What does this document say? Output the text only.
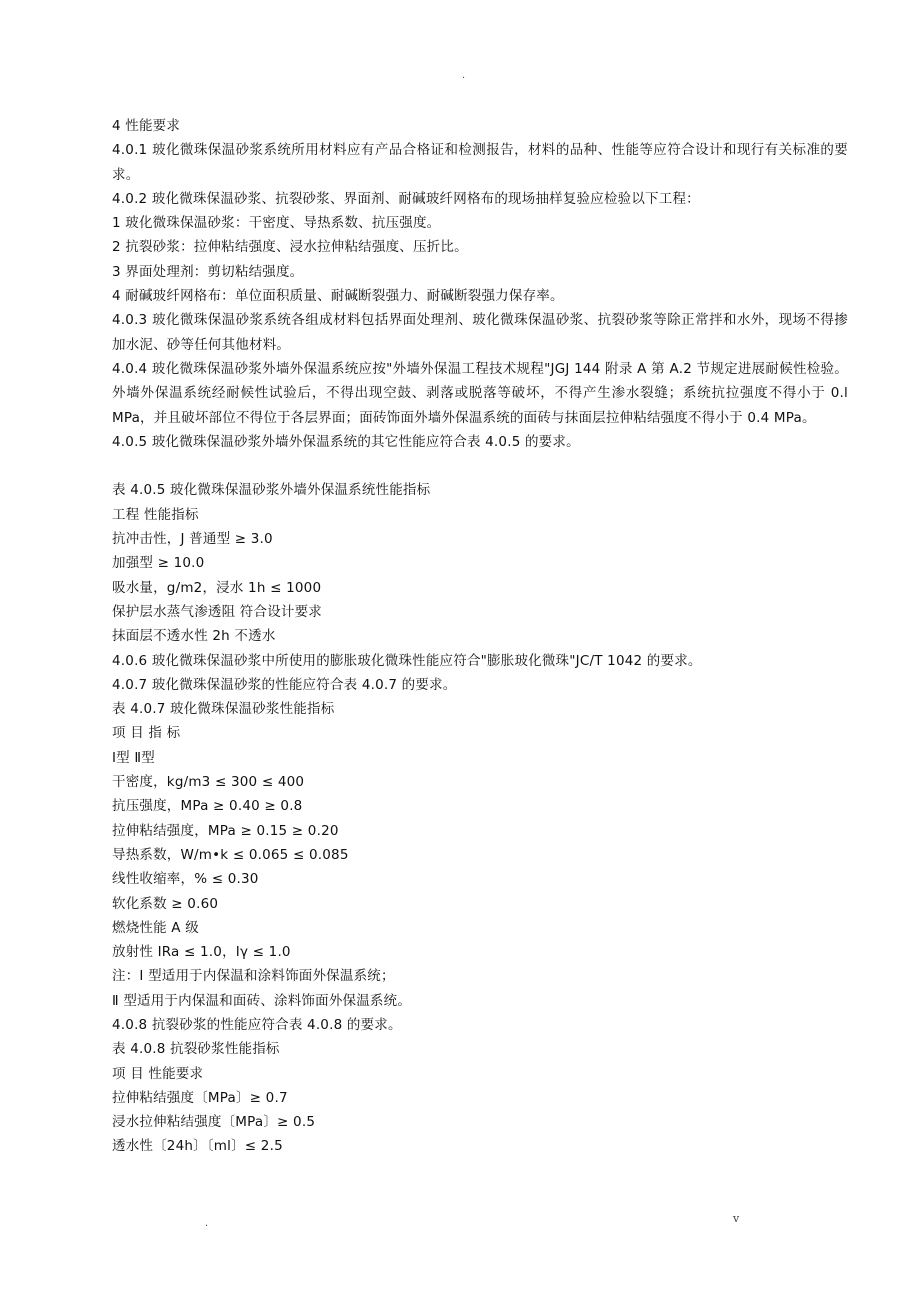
.
4 性能要求
4.0.1 玻化微珠保温砂浆系统所用材料应有产品合格证和检测报告，材料的品种、性能等应符合设计和现行有关标准的要求。
4.0.2 玻化微珠保温砂浆、抗裂砂浆、界面剂、耐碱玻纤网格布的现场抽样复验应检验以下工程：
1 玻化微珠保温砂浆：干密度、导热系数、抗压强度。
2 抗裂砂浆：拉伸粘结强度、浸水拉伸粘结强度、压折比。
3 界面处理剂：剪切粘结强度。
4 耐碱玻纤网格布：单位面积质量、耐碱断裂强力、耐碱断裂强力保存率。
4.0.3 玻化微珠保温砂浆系统各组成材料包括界面处理剂、玻化微珠保温砂浆、抗裂砂浆等除正常拌和水外，现场不得掺加水泥、砂等任何其他材料。
4.0.4 玻化微珠保温砂浆外墙外保温系统应按"外墙外保温工程技术规程"JGJ 144 附录 A 第 A.2 节规定进展耐候性检验。外墙外保温系统经耐候性试验后，不得出现空鼓、剥落或脱落等破坏，不得产生渗水裂缝；系统抗拉强度不得小于 0.l MPa，并且破坏部位不得位于各层界面；面砖饰面外墙外保温系统的面砖与抹面层拉伸粘结强度不得小于 0.4 MPa。
4.0.5 玻化微珠保温砂浆外墙外保温系统的其它性能应符合表 4.0.5 的要求。
表 4.0.5 玻化微珠保温砂浆外墙外保温系统性能指标
工程 性能指标
抗冲击性，J 普通型 ≥ 3.0
加强型 ≥ 10.0
吸水量，g/m2，浸水 1h ≤ 1000
保护层水蒸气渗透阻 符合设计要求
抹面层不透水性 2h 不透水
4.0.6 玻化微珠保温砂浆中所使用的膨胀玻化微珠性能应符合"膨胀玻化微珠"JC/T 1042 的要求。
4.0.7 玻化微珠保温砂浆的性能应符合表 4.0.7 的要求。
表 4.0.7 玻化微珠保温砂浆性能指标
项 目 指 标
Ⅰ型 Ⅱ型
干密度，kg/m3 ≤ 300 ≤ 400
抗压强度，MPa ≥ 0.40 ≥ 0.8
拉伸粘结强度，MPa ≥ 0.15 ≥ 0.20
导热系数，W/m•k ≤ 0.065 ≤ 0.085
线性收缩率，% ≤ 0.30
软化系数 ≥ 0.60
燃烧性能 A 级
放射性 IRa ≤ 1.0，Iγ ≤ 1.0
注：Ⅰ 型适用于内保温和涂料饰面外保温系统；
Ⅱ 型适用于内保温和面砖、涂料饰面外保温系统。
4.0.8 抗裂砂浆的性能应符合表 4.0.8 的要求。
表 4.0.8 抗裂砂浆性能指标
项 目 性能要求
拉伸粘结强度〔MPa〕≥ 0.7
浸水拉伸粘结强度〔MPa〕≥ 0.5
透水性〔24h〕〔ml〕≤ 2.5
.	v
